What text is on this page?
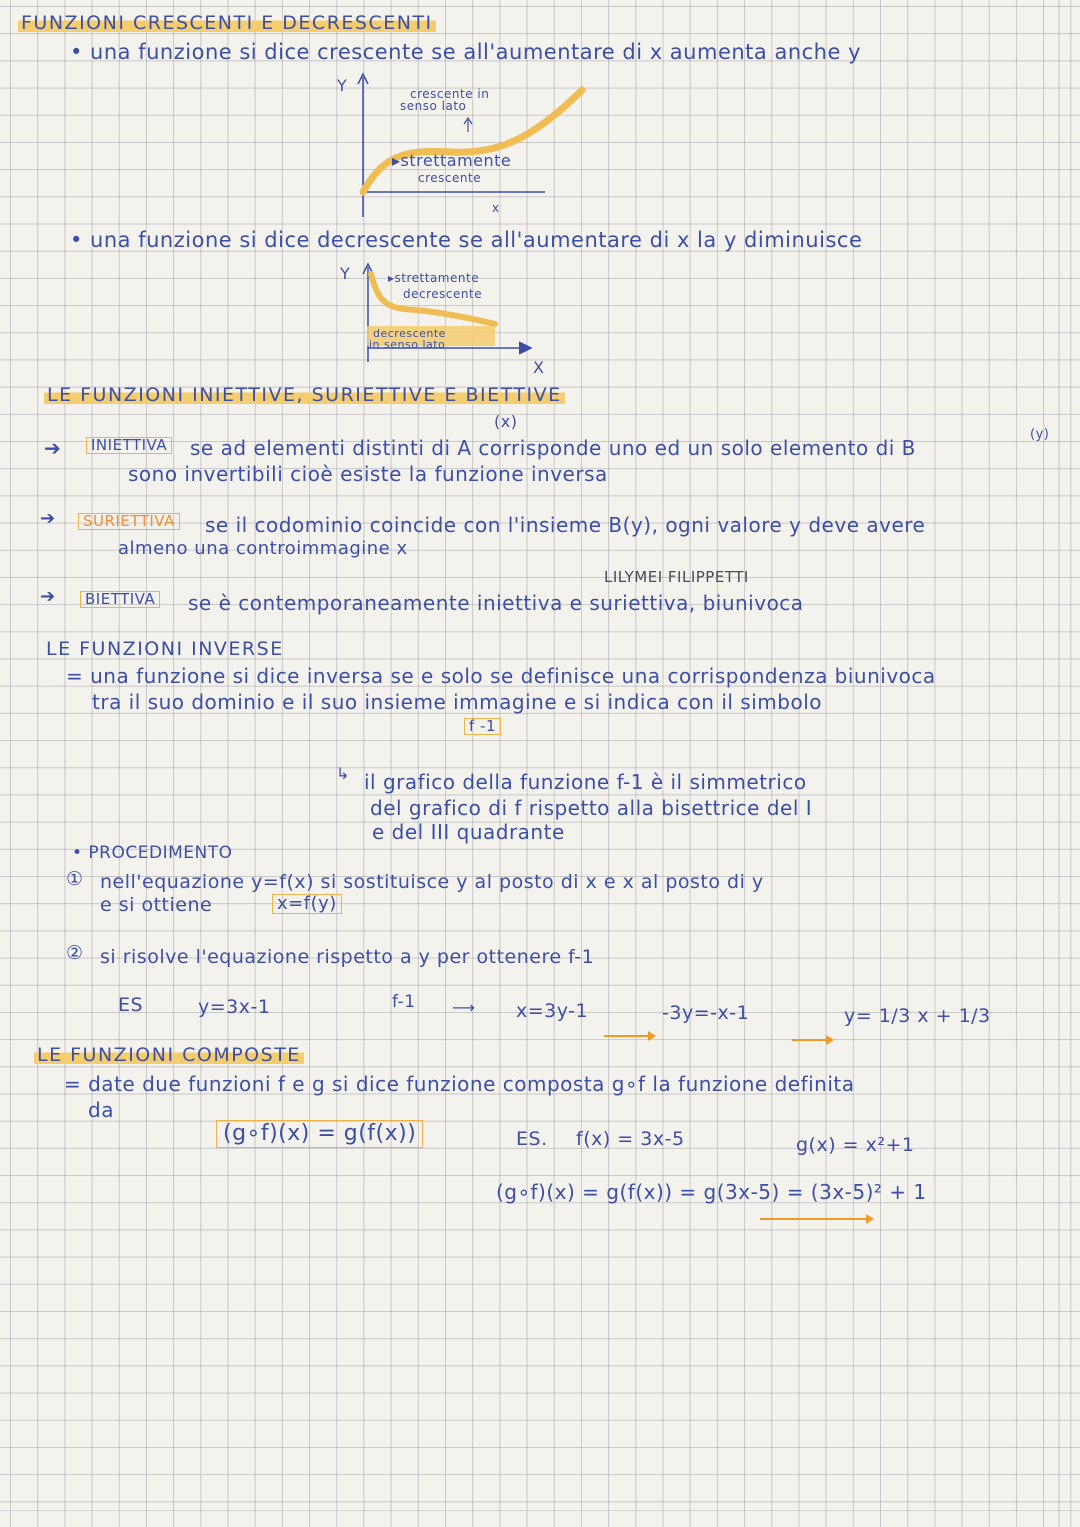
FUNZIONI CRESCENTI E DECRESCENTI
• una funzione si dice crescente se all'aumentare di x aumenta anche y
Y
x
crescente in
senso lato
▸strettamente
crescente
• una funzione si dice decrescente se all'aumentare di x la y diminuisce
Y
X
▸strettamente
decrescente
decrescente
in senso lato
LE FUNZIONI INIETTIVE, SURIETTIVE E BIETTIVE
(x)
(y)
➔	INIETTIVA se ad elementi distinti di A corrisponde uno ed un solo elemento di B
sono invertibili cioè esiste la funzione inversa
➔	SURIETTIVA se il codominio coincide con l'insieme B(y), ogni valore y deve avere
almeno una controimmagine x
LILYMEI FILIPPETTI
➔	BIETTIVA se è contemporaneamente iniettiva e suriettiva, biunivoca
LE FUNZIONI INVERSE
= una funzione si dice inversa se e solo se definisce una corrispondenza biunivoca
tra il suo dominio e il suo insieme immagine e si indica con il simbolo
f -1
↳ il grafico della funzione f-1 è il simmetrico
del grafico di f rispetto alla bisettrice del I
e del III quadrante
• PROCEDIMENTO
① nell'equazione y=f(x) si sostituisce y al posto di x e x al posto di y
e si ottiene	x=f(y)
② si risolve l'equazione rispetto a y per ottenere f-1
ES	y=3x-1	f-1 ⟶ x=3y-1	-3y=-x-1	y= 1/3 x + 1/3
LE FUNZIONI COMPOSTE
= date due funzioni f e g si dice funzione composta g∘f la funzione definita
da
(g∘f)(x) = g(f(x))	ES. f(x) = 3x-5	g(x) = x²+1
(g∘f)(x) = g(f(x)) = g(3x-5) = (3x-5)² + 1
